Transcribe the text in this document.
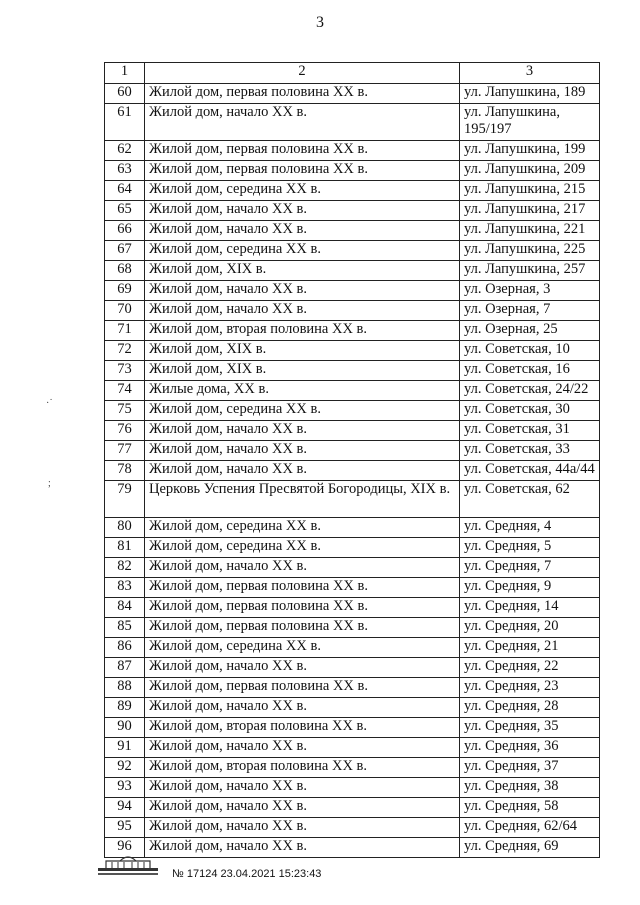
3
1	2	3
60	Жилой дом, первая половина XX в.	ул. Лапушкина, 189
61	Жилой дом, начало XX в.	ул. Лапушкина, 195/197
62	Жилой дом, первая половина XX в.	ул. Лапушкина, 199
63	Жилой дом, первая половина XX в.	ул. Лапушкина, 209
64	Жилой дом, середина XX в.	ул. Лапушкина, 215
65	Жилой дом, начало XX в.	ул. Лапушкина, 217
66	Жилой дом, начало XX в.	ул. Лапушкина, 221
67	Жилой дом, середина XX в.	ул. Лапушкина, 225
68	Жилой дом, XIX в.	ул. Лапушкина, 257
69	Жилой дом, начало XX в.	ул. Озерная, 3
70	Жилой дом, начало XX в.	ул. Озерная, 7
71	Жилой дом, вторая половина XX в.	ул. Озерная, 25
72	Жилой дом, XIX в.	ул. Советская, 10
73	Жилой дом, XIX в.	ул. Советская, 16
74	Жилые дома, XX в.	ул. Советская, 24/22
75	Жилой дом, середина XX в.	ул. Советская, 30
76	Жилой дом, начало XX в.	ул. Советская, 31
77	Жилой дом, начало XX в.	ул. Советская, 33
78	Жилой дом, начало XX в.	ул. Советская, 44а/44
79	Церковь Успения Пресвятой Богородицы, XIX в.	ул. Советская, 62
80	Жилой дом, середина XX в.	ул. Средняя, 4
81	Жилой дом, середина XX в.	ул. Средняя, 5
82	Жилой дом, начало XX в.	ул. Средняя, 7
83	Жилой дом, первая половина XX в.	ул. Средняя, 9
84	Жилой дом, первая половина XX в.	ул. Средняя, 14
85	Жилой дом, первая половина XX в.	ул. Средняя, 20
86	Жилой дом, середина XX в.	ул. Средняя, 21
87	Жилой дом, начало XX в.	ул. Средняя, 22
88	Жилой дом, первая половина XX в.	ул. Средняя, 23
89	Жилой дом, начало XX в.	ул. Средняя, 28
90	Жилой дом, вторая половина XX в.	ул. Средняя, 35
91	Жилой дом, начало XX в.	ул. Средняя, 36
92	Жилой дом, вторая половина XX в.	ул. Средняя, 37
93	Жилой дом, начало XX в.	ул. Средняя, 38
94	Жилой дом, начало XX в.	ул. Средняя, 58
95	Жилой дом, начало XX в.	ул. Средняя, 62/64
96	Жилой дом, начало XX в.	ул. Средняя, 69
·˙
;
№ 17124 23.04.2021 15:23:43
